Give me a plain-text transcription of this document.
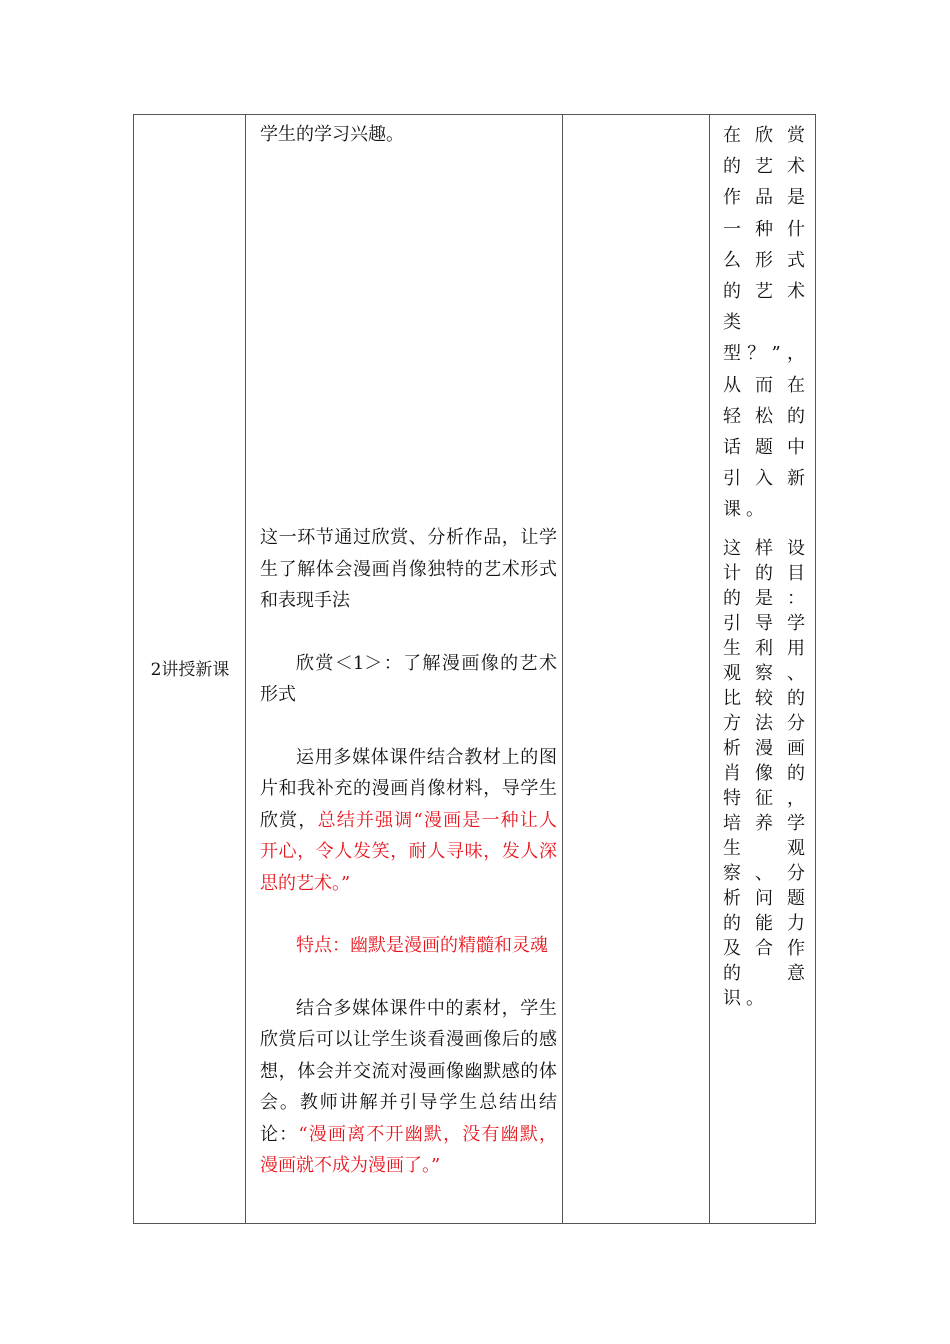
2讲授新课
学生的学习兴趣。
这一环节通过欣赏、分析作品，让学生了解体会漫画肖像独特的艺术形式和表现手法
欣赏＜1＞：了解漫画像的艺术形式
运用多媒体课件结合教材上的图片和我补充的漫画肖像材料，导学生欣赏，总结并强调“漫画是一种让人开心，令人发笑，耐人寻味，发人深思的艺术。”
特点：幽默是漫画的精髓和灵魂
结合多媒体课件中的素材，学生欣赏后可以让学生谈看漫画像后的感想，体会并交流对漫画像幽默感的体会。教师讲解并引导学生总结出结论：“漫画离不开幽默，没有幽默，漫画就不成为漫画了。”

在欣赏的艺术作品是一种什么形式的艺术类型？”，从而在轻松的话题中引入新课。

这样设计的目的是：引导学生利用观察、比较的方法分析漫画肖像的特征，培养学生观察、分析问题的能力及合作的意识。
